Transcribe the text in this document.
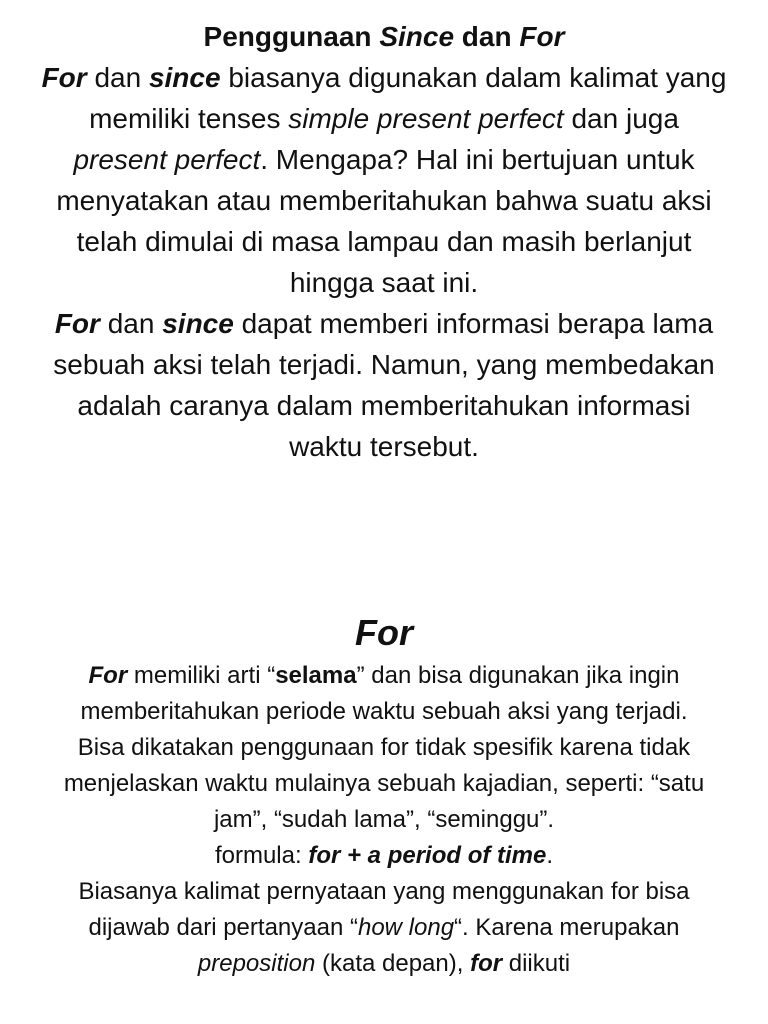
Penggunaan Since dan For

For dan since biasanya digunakan dalam kalimat yang memiliki tenses simple present perfect dan juga present perfect. Mengapa? Hal ini bertujuan untuk menyatakan atau memberitahukan bahwa suatu aksi telah dimulai di masa lampau dan masih berlanjut hingga saat ini.

For dan since dapat memberi informasi berapa lama sebuah aksi telah terjadi. Namun, yang membedakan adalah caranya dalam memberitahukan informasi waktu tersebut.

For

For memiliki arti “selama” dan bisa digunakan jika ingin memberitahukan periode waktu sebuah aksi yang terjadi. Bisa dikatakan penggunaan for tidak spesifik karena tidak menjelaskan waktu mulainya sebuah kajadian, seperti: “satu jam”, “sudah lama”, “seminggu”.

formula: for + a period of time.

Biasanya kalimat pernyataan yang menggunakan for bisa dijawab dari pertanyaan “how long“. Karena merupakan preposition (kata depan), for diikuti
